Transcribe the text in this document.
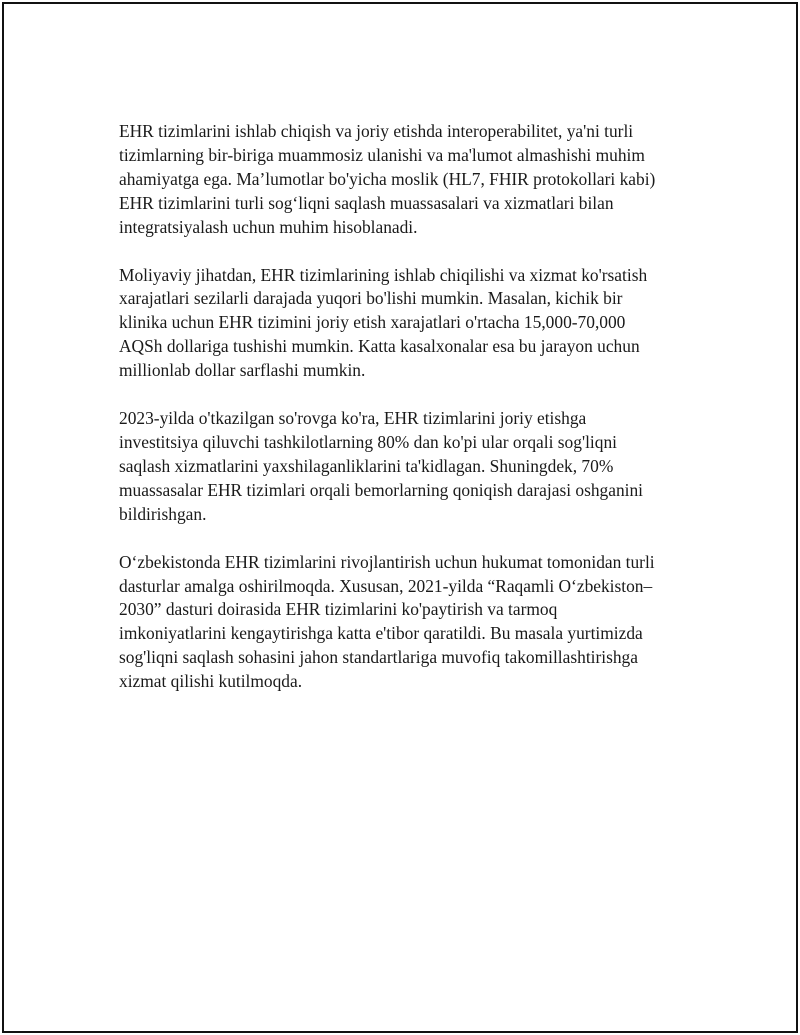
EHR tizimlarini ishlab chiqish va joriy etishda interoperabilitet, ya'ni turli
tizimlarning bir-biriga muammosiz ulanishi va ma'lumot almashishi muhim
ahamiyatga ega. Ma’lumotlar bo'yicha moslik (HL7, FHIR protokollari kabi)
EHR tizimlarini turli sog‘liqni saqlash muassasalari va xizmatlari bilan
integratsiyalash uchun muhim hisoblanadi.

Moliyaviy jihatdan, EHR tizimlarining ishlab chiqilishi va xizmat ko'rsatish
xarajatlari sezilarli darajada yuqori bo'lishi mumkin. Masalan, kichik bir
klinika uchun EHR tizimini joriy etish xarajatlari o'rtacha 15,000-70,000
AQSh dollariga tushishi mumkin. Katta kasalxonalar esa bu jarayon uchun
millionlab dollar sarflashi mumkin.

2023-yilda o'tkazilgan so'rovga ko'ra, EHR tizimlarini joriy etishga
investitsiya qiluvchi tashkilotlarning 80% dan ko'pi ular orqali sog'liqni
saqlash xizmatlarini yaxshilaganliklarini ta'kidlagan. Shuningdek, 70%
muassasalar EHR tizimlari orqali bemorlarning qoniqish darajasi oshganini
bildirishgan.

O‘zbekistonda EHR tizimlarini rivojlantirish uchun hukumat tomonidan turli
dasturlar amalga oshirilmoqda. Xususan, 2021-yilda “Raqamli O‘zbekiston–
2030” dasturi doirasida EHR tizimlarini ko'paytirish va tarmoq
imkoniyatlarini kengaytirishga katta e'tibor qaratildi. Bu masala yurtimizda
sog'liqni saqlash sohasini jahon standartlariga muvofiq takomillashtirishga
xizmat qilishi kutilmoqda.
